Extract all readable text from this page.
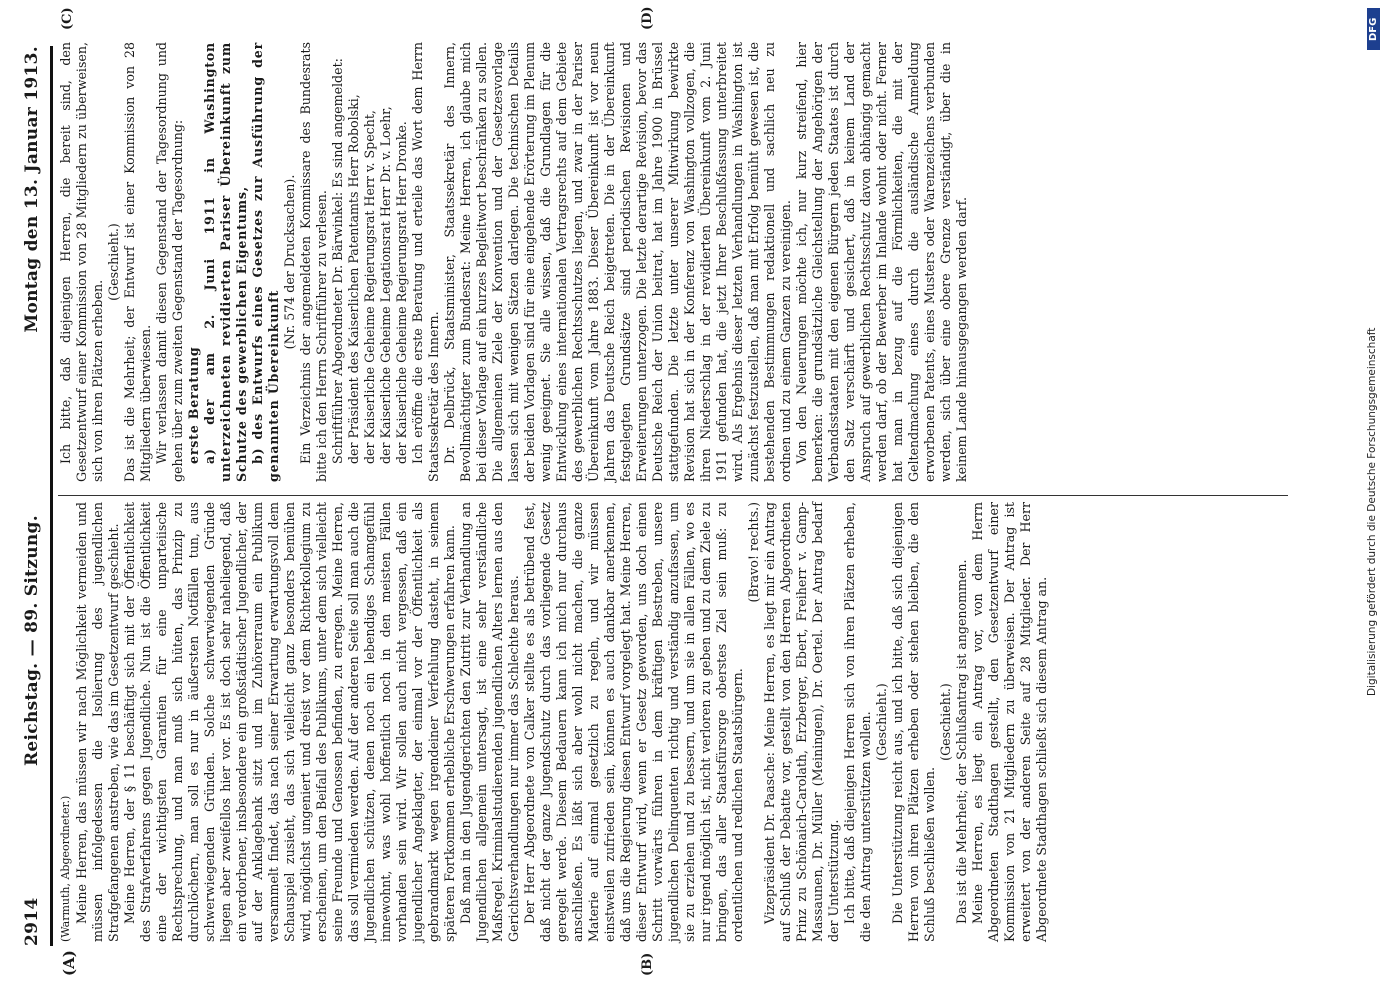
2914
Reichstag. — 89. Sitzung.
Montag den 13. Januar 1913.
(A)	(B)
(C)	(D)

(Warmuth, Abgeordneter.) Meine Herren, das müssen wir nach Möglichkeit vermeiden und müssen infolgedessen die Isolierung des jugendlichen Strafgefangenen anstreben, wie das im Gesetzentwurf geschieht. Meine Herren, der § 11 beschäftigt sich mit der Öffentlichkeit des Strafverfahrens gegen Jugendliche. Nun ist die Öffentlichkeit eine der wichtigsten Garantien für eine unparteiische Rechtsprechung, und man muß sich hüten, das Prinzip zu durchlöchern, man soll es nur in äußersten Notfällen tun, aus schwerwiegenden Gründen. Solche schwerwiegenden Gründe liegen aber zweifellos hier vor. Es ist doch sehr naheliegend, daß ein verdorbener, insbesondere ein großstädtischer Jugendlicher, der auf der Anklagebank sitzt und im Zuhörerraum ein Publikum versammelt findet, das nach seiner Erwartung erwartungsvoll dem Schauspiel zusieht, das sich vielleicht ganz besonders bemühen wird, möglichst ungeniert und dreist vor dem Richterkollegium zu erscheinen, um den Beifall des Publikums, unter dem sich vielleicht seine Freunde und Genossen befinden, zu erregen. Meine Herren, das soll vermieden werden. Auf der anderen Seite soll man auch die Jugendlichen schützen, denen noch ein lebendiges Schamgefühl innewohnt, was wohl hoffentlich noch in den meisten Fällen vorhanden sein wird. Wir sollen auch nicht vergessen, daß ein jugendlicher Angeklagter, der einmal vor der Öffentlichkeit als gebrandmarkt wegen irgendeiner Verfehlung dasteht, in seinem späteren Fortkommen erhebliche Erschwerungen erfahren kann. Daß man in den Jugendgerichten den Zutritt zur Verhandlung an Jugendlichen allgemein untersagt, ist eine sehr verständliche Maßregel. Kriminalstudierenden jugendlichen Alters lernen aus den Gerichtsverhandlungen nur immer das Schlechte heraus. Der Herr Abgeordnete von Calker stellte es als betrübend fest, daß nicht der ganze Jugendschutz durch das vorliegende Gesetz geregelt werde. Diesem Bedauern kann ich mich nur durchaus anschließen. Es läßt sich aber wohl nicht machen, die ganze Materie auf einmal gesetzlich zu regeln, und wir müssen einstweilen zufrieden sein, können es auch dankbar anerkennen, daß uns die Regierung diesen Entwurf vorgelegt hat. Meine Herren, dieser Entwurf wird, wenn er Gesetz geworden, uns doch einen Schritt vorwärts führen in dem kräftigen Bestreben, unsere jugendlichen Delinquenten richtig und verständig anzufassen, um sie zu erziehen und zu bessern, und um sie in allen Fällen, wo es nur irgend möglich ist, nicht verloren zu geben und zu dem Ziele zu bringen, das aller Staatsfürsorge oberstes Ziel sein muß: zu ordentlichen und redlichen Staatsbürgern.

(Bravo! rechts.) Vizepräsident Dr. Paasche: Meine Herren, es liegt mir ein Antrag auf Schluß der Debatte vor, gestellt von den Herren Abgeordneten Prinz zu Schönaich-Carolath, Erzberger, Ebert, Freiherr v. Gamp-Massaunen, Dr. Müller (Meiningen), Dr. Oertel. Der Antrag bedarf der Unterstützung. Ich bitte, daß diejenigen Herren sich von ihren Plätzen erheben, die den Antrag unterstützen wollen. (Geschieht.) Die Unterstützung reicht aus, und ich bitte, daß sich diejenigen Herren von ihren Plätzen erheben oder stehen bleiben, die den Schluß beschließen wollen.

(Geschieht.) Das ist die Mehrheit; der Schlußantrag ist angenommen. Meine Herren, es liegt ein Antrag vor, von dem Herrn Abgeordneten Stadthagen gestellt, den Gesetzentwurf einer Kommission von 21 Mitgliedern zu überweisen. Der Antrag ist erweitert von der anderen Seite auf 28 Mitglieder. Der Herr Abgeordnete Stadthagen schließt sich diesem Antrag an.

Ich bitte, daß diejenigen Herren, die bereit sind, den Gesetzentwurf einer Kommission von 28 Mitgliedern zu überweisen, sich von ihren Plätzen erheben.

(Geschieht.) Das ist die Mehrheit; der Entwurf ist einer Kommission von 28 Mitgliedern überwiesen. Wir verlassen damit diesen Gegenstand der Tagesordnung und gehen über zum zweiten Gegenstand der Tagesordnung: erste Beratung a) der am 2. Juni 1911 in Washington unterzeichneten revidierten Pariser Übereinkunft zum Schutze des gewerblichen Eigentums, b) des Entwurfs eines Gesetzes zur Ausführung der genannten Übereinkunft

(Nr. 574 der Drucksachen). Ein Verzeichnis der angemeldeten Kommissare des Bundesrats bitte ich den Herrn Schriftführer zu verlesen. Schriftführer Abgeordneter Dr. Bärwinkel: Es sind angemeldet: der Präsident des Kaiserlichen Patentamts Herr Robolski, der Kaiserliche Geheime Regierungsrat Herr v. Specht, der Kaiserliche Geheime Legationsrat Herr Dr. v. Loehr, der Kaiserliche Geheime Regierungsrat Herr Dronke. Ich eröffne die erste Beratung und erteile das Wort dem Herrn Staatssekretär des Innern. Dr. Delbrück, Staatsminister, Staatssekretär des Innern, Bevollmächtigter zum Bundesrat: Meine Herren, ich glaube mich bei dieser Vorlage auf ein kurzes Begleitwort beschränken zu sollen. Die allgemeinen Ziele der Konvention und der Gesetzesvorlage lassen sich mit wenigen Sätzen darlegen. Die technischen Details der beiden Vorlagen sind für eine eingehende Erörterung im Plenum wenig geeignet. Sie alle wissen, daß die Grundlagen für die Entwicklung eines internationalen Vertragsrechts auf dem Gebiete des gewerblichen Rechtsschutzes liegen, und zwar in der Pariser Übereinkunft vom Jahre 1883. Dieser Übereinkunft ist vor neun Jahren das Deutsche Reich beigetreten. Die in der Übereinkunft festgelegten Grundsätze sind periodischen Revisionen und Erweiterungen unterzogen. Die letzte derartige Revision, bevor das Deutsche Reich der Union beitrat, hat im Jahre 1900 in Brüssel stattgefunden. Die letzte unter unserer Mitwirkung bewirkte Revision hat sich in der Konferenz von Washington vollzogen, die ihren Niederschlag in der revidierten Übereinkunft vom 2. Juni 1911 gefunden hat, die jetzt Ihrer Beschlußfassung unterbreitet wird. Als Ergebnis dieser letzten Verhandlungen in Washington ist zunächst festzustellen, daß man mit Erfolg bemüht gewesen ist, die bestehenden Bestimmungen redaktionell und sachlich neu zu ordnen und zu einem Ganzen zu vereinigen. Von den Neuerungen möchte ich, nur kurz streifend, hier bemerken: die grundsätzliche Gleichstellung der Angehörigen der Verbandsstaaten mit den eigenen Bürgern jeden Staates ist durch den Satz verschärft und gesichert, daß in keinem Land der Anspruch auf gewerblichen Rechtsschutz davon abhängig gemacht werden darf, ob der Bewerber im Inlande wohnt oder nicht. Ferner hat man in bezug auf die Förmlichkeiten, die mit der Geltendmachung eines durch die ausländische Anmeldung erworbenen Patents, eines Musters oder Warenzeichens verbunden werden, sich über eine obere Grenze verständigt, über die in keinem Lande hinausgegangen werden darf.

DFG
Digitalisierung gefördert durch die Deutsche Forschungsgemeinschaft
